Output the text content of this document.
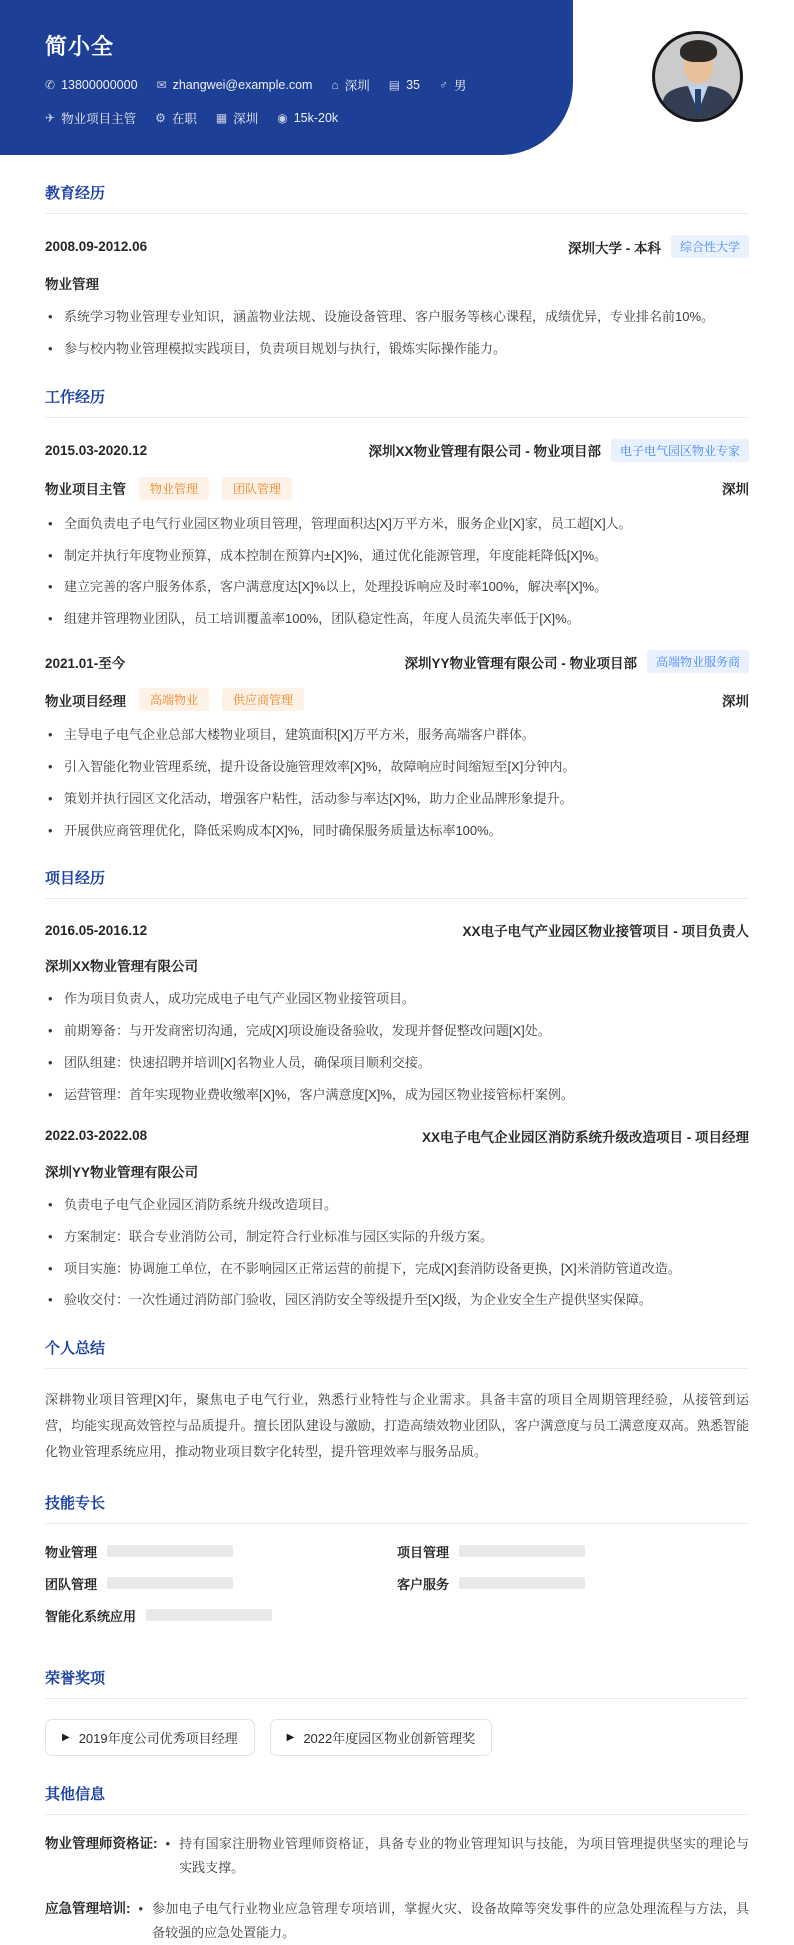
简小全
✆ 13800000000 ✉ zhangwei@example.com ⌂ 深圳 ▤ 35 ♂ 男
✈ 物业项目主管 ⚙ 在职 ▦ 深圳 ◉ 15k-20k
教育经历
2008.09-2012.06	深圳大学 - 本科	综合性大学
物业管理
• 系统学习物业管理专业知识，涵盖物业法规、设施设备管理、客户服务等核心课程，成绩优异，专业排名前10%。
• 参与校内物业管理模拟实践项目，负责项目规划与执行，锻炼实际操作能力。
工作经历
2015.03-2020.12	深圳XX物业管理有限公司 - 物业项目部	电子电气园区物业专家
物业项目主管	物业管理	团队管理	深圳
• 全面负责电子电气行业园区物业项目管理，管理面积达[X]万平方米，服务企业[X]家，员工超[X]人。
• 制定并执行年度物业预算，成本控制在预算内±[X]%，通过优化能源管理，年度能耗降低[X]%。
• 建立完善的客户服务体系，客户满意度达[X]%以上，处理投诉响应及时率100%，解决率[X]%。
• 组建并管理物业团队，员工培训覆盖率100%，团队稳定性高，年度人员流失率低于[X]%。
2021.01-至今	深圳YY物业管理有限公司 - 物业项目部	高端物业服务商
物业项目经理	高端物业	供应商管理	深圳
• 主导电子电气企业总部大楼物业项目，建筑面积[X]万平方米，服务高端客户群体。
• 引入智能化物业管理系统，提升设备设施管理效率[X]%，故障响应时间缩短至[X]分钟内。
• 策划并执行园区文化活动，增强客户粘性，活动参与率达[X]%，助力企业品牌形象提升。
• 开展供应商管理优化，降低采购成本[X]%，同时确保服务质量达标率100%。
项目经历
2016.05-2016.12	XX电子电气产业园区物业接管项目 - 项目负责人
深圳XX物业管理有限公司
• 作为项目负责人，成功完成电子电气产业园区物业接管项目。
• 前期筹备：与开发商密切沟通，完成[X]项设施设备验收，发现并督促整改问题[X]处。
• 团队组建：快速招聘并培训[X]名物业人员，确保项目顺利交接。
• 运营管理：首年实现物业费收缴率[X]%，客户满意度[X]%，成为园区物业接管标杆案例。
2022.03-2022.08	XX电子电气企业园区消防系统升级改造项目 - 项目经理
深圳YY物业管理有限公司
• 负责电子电气企业园区消防系统升级改造项目。
• 方案制定：联合专业消防公司，制定符合行业标准与园区实际的升级方案。
• 项目实施：协调施工单位，在不影响园区正常运营的前提下，完成[X]套消防设备更换，[X]米消防管道改造。
• 验收交付：一次性通过消防部门验收，园区消防安全等级提升至[X]级，为企业安全生产提供坚实保障。
个人总结
深耕物业项目管理[X]年，聚焦电子电气行业，熟悉行业特性与企业需求。具备丰富的项目全周期管理经验，从接管到运营，均能实现高效管控与品质提升。擅长团队建设与激励，打造高绩效物业团队，客户满意度与员工满意度双高。熟悉智能化物业管理系统应用，推动物业项目数字化转型，提升管理效率与服务品质。
技能专长
物业管理	项目管理
团队管理	客户服务
智能化系统应用
荣誉奖项
▶ 2019年度公司优秀项目经理	▶ 2022年度园区物业创新管理奖
其他信息
物业管理师资格证: • 持有国家注册物业管理师资格证，具备专业的物业管理知识与技能，为项目管理提供坚实的理论与实践支撑。
应急管理培训: • 参加电子电气行业物业应急管理专项培训，掌握火灾、设备故障等突发事件的应急处理流程与方法，具备较强的应急处置能力。
